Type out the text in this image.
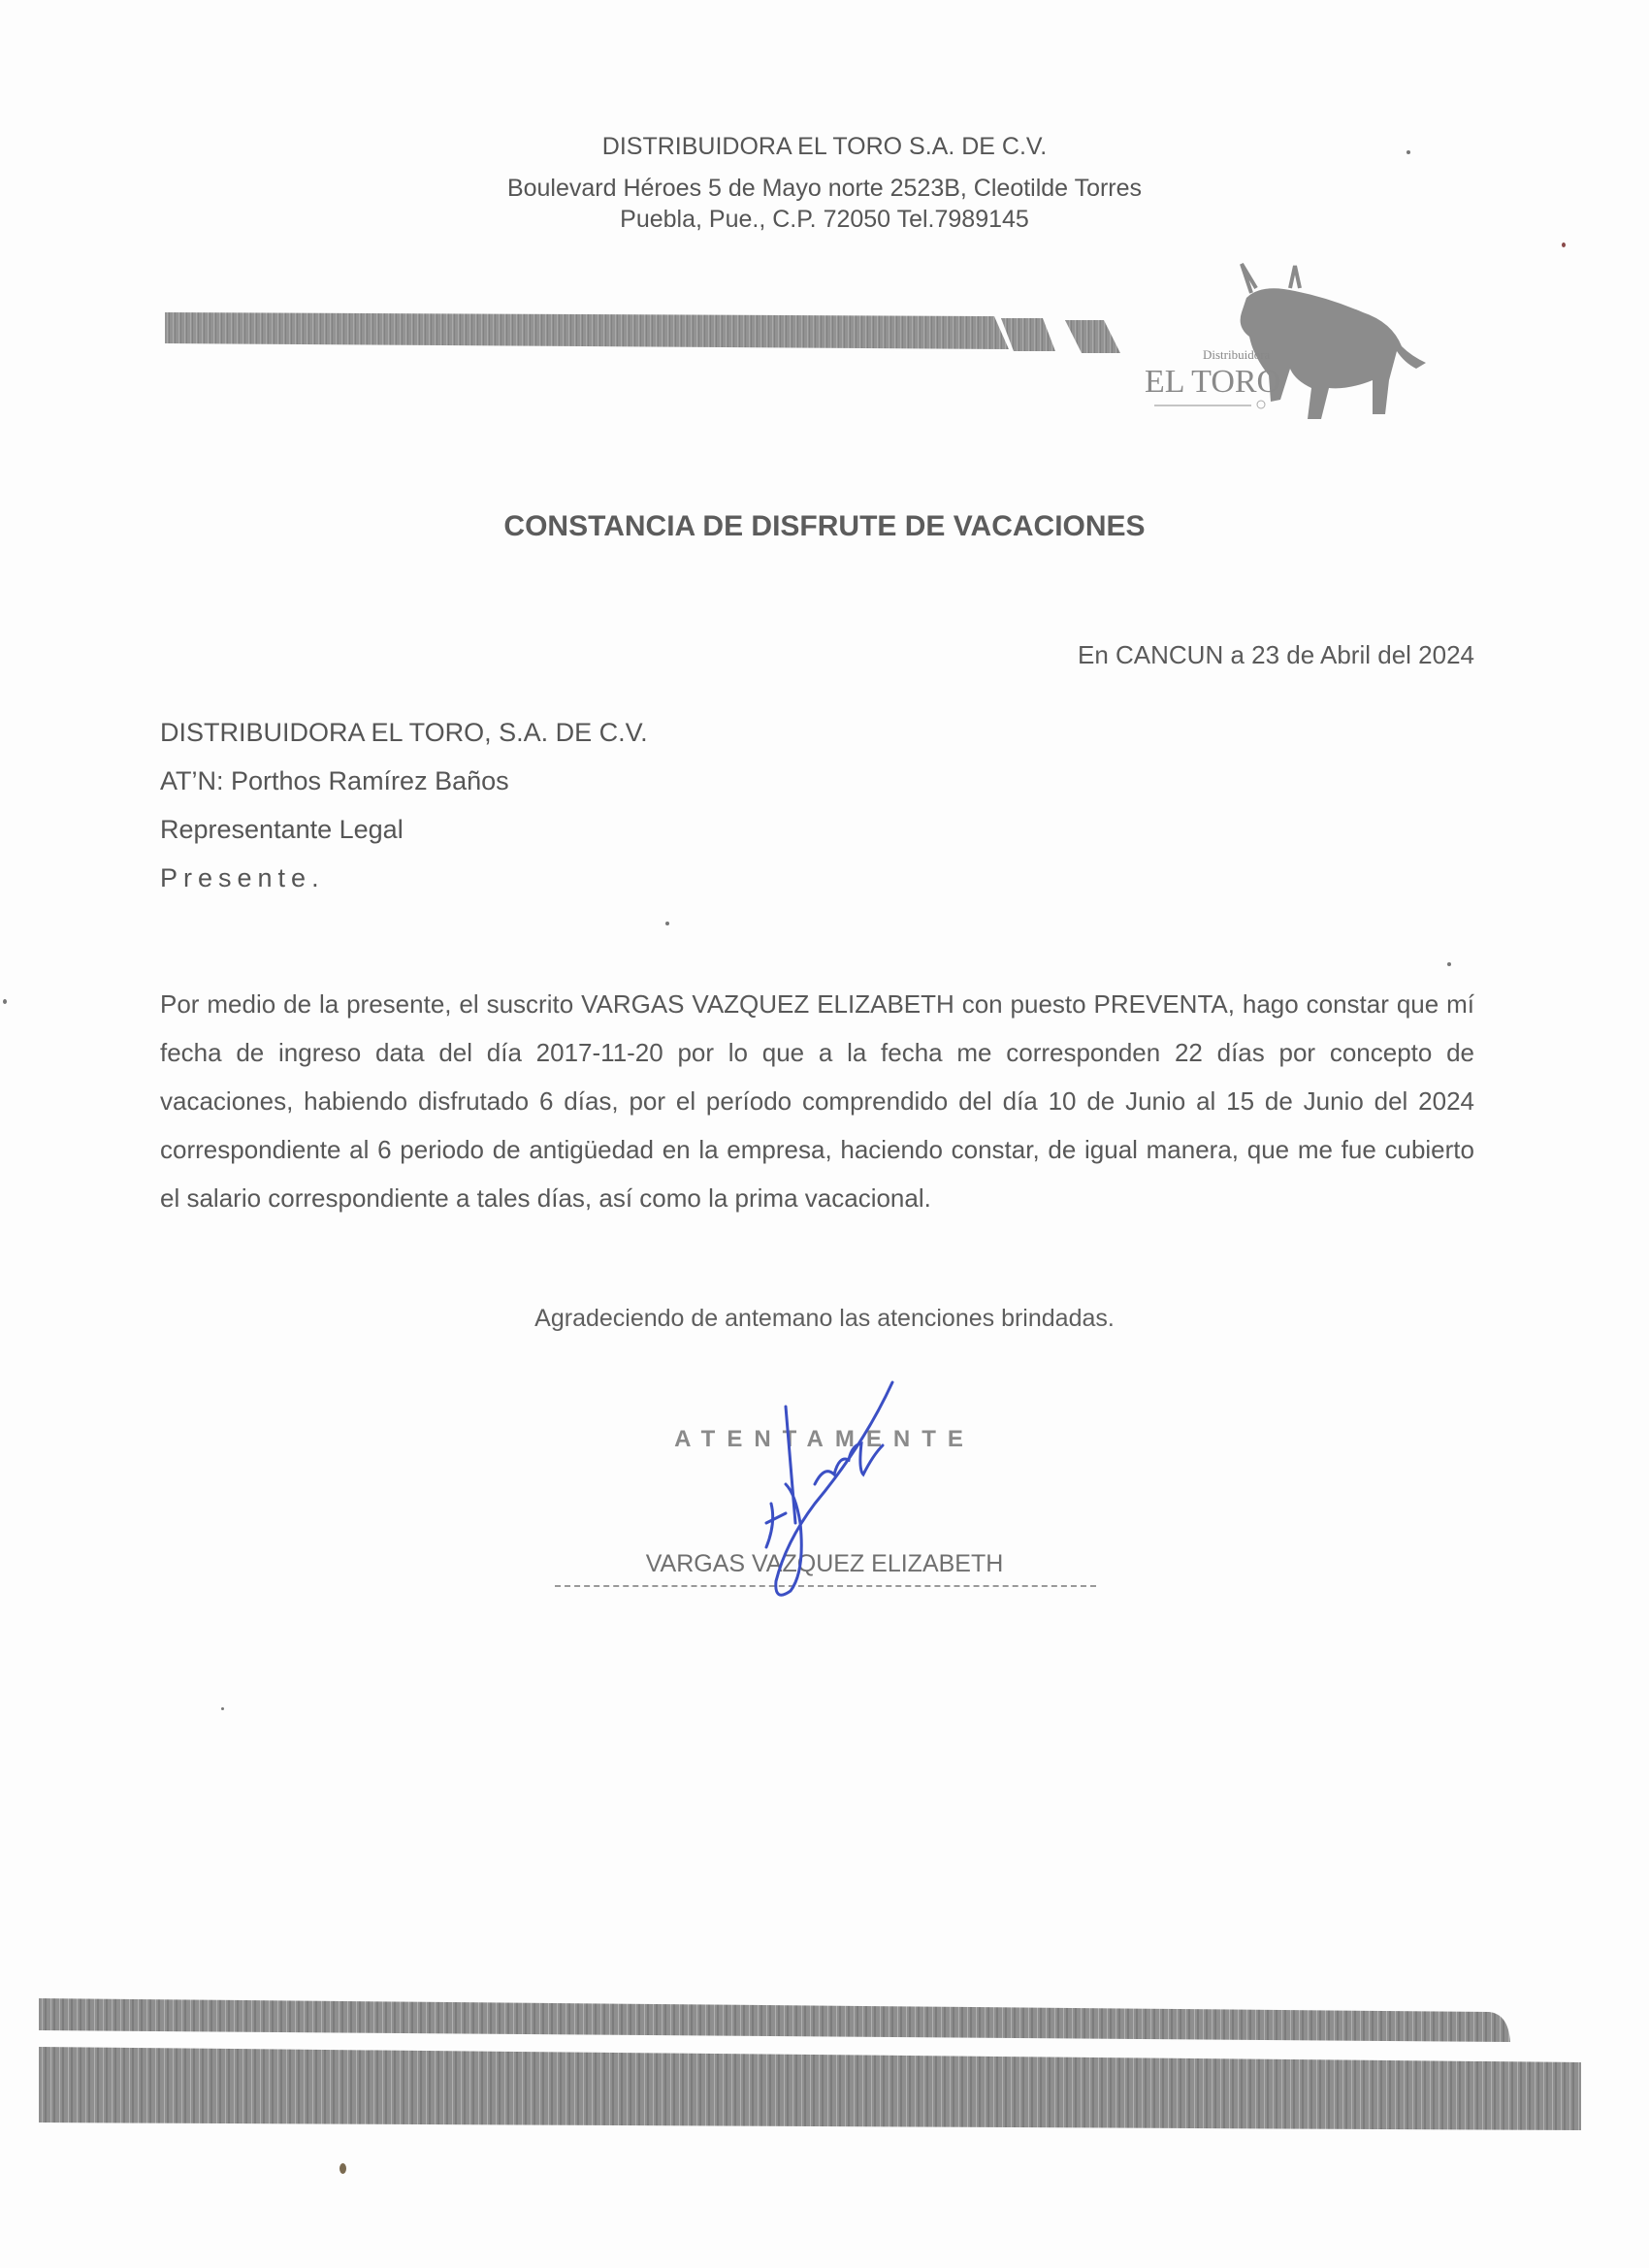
DISTRIBUIDORA EL TORO S.A. DE C.V.
Boulevard Héroes 5 de Mayo norte 2523B, Cleotilde Torres
Puebla, Pue., C.P. 72050 Tel.7989145
Distribuidora
EL TORO
CONSTANCIA DE DISFRUTE DE VACACIONES
En CANCUN a 23 de Abril del 2024
DISTRIBUIDORA EL TORO, S.A. DE C.V.
AT’N: Porthos Ramírez Baños
Representante Legal
Presente.
Por medio de la presente, el suscrito VARGAS VAZQUEZ ELIZABETH con puesto PREVENTA, hago constar que mí fecha de ingreso data del día 2017-11-20 por lo que a la fecha me corresponden 22 días por concepto de vacaciones, habiendo disfrutado 6 días, por el período comprendido del día 10 de Junio al 15 de Junio del 2024 correspondiente al 6 periodo de antigüedad en la empresa, haciendo constar, de igual manera, que me fue cubierto el salario correspondiente a tales días, así como la prima vacacional.
Agradeciendo de antemano las atenciones brindadas.
ATENTAMENTE
VARGAS VAZQUEZ ELIZABETH
